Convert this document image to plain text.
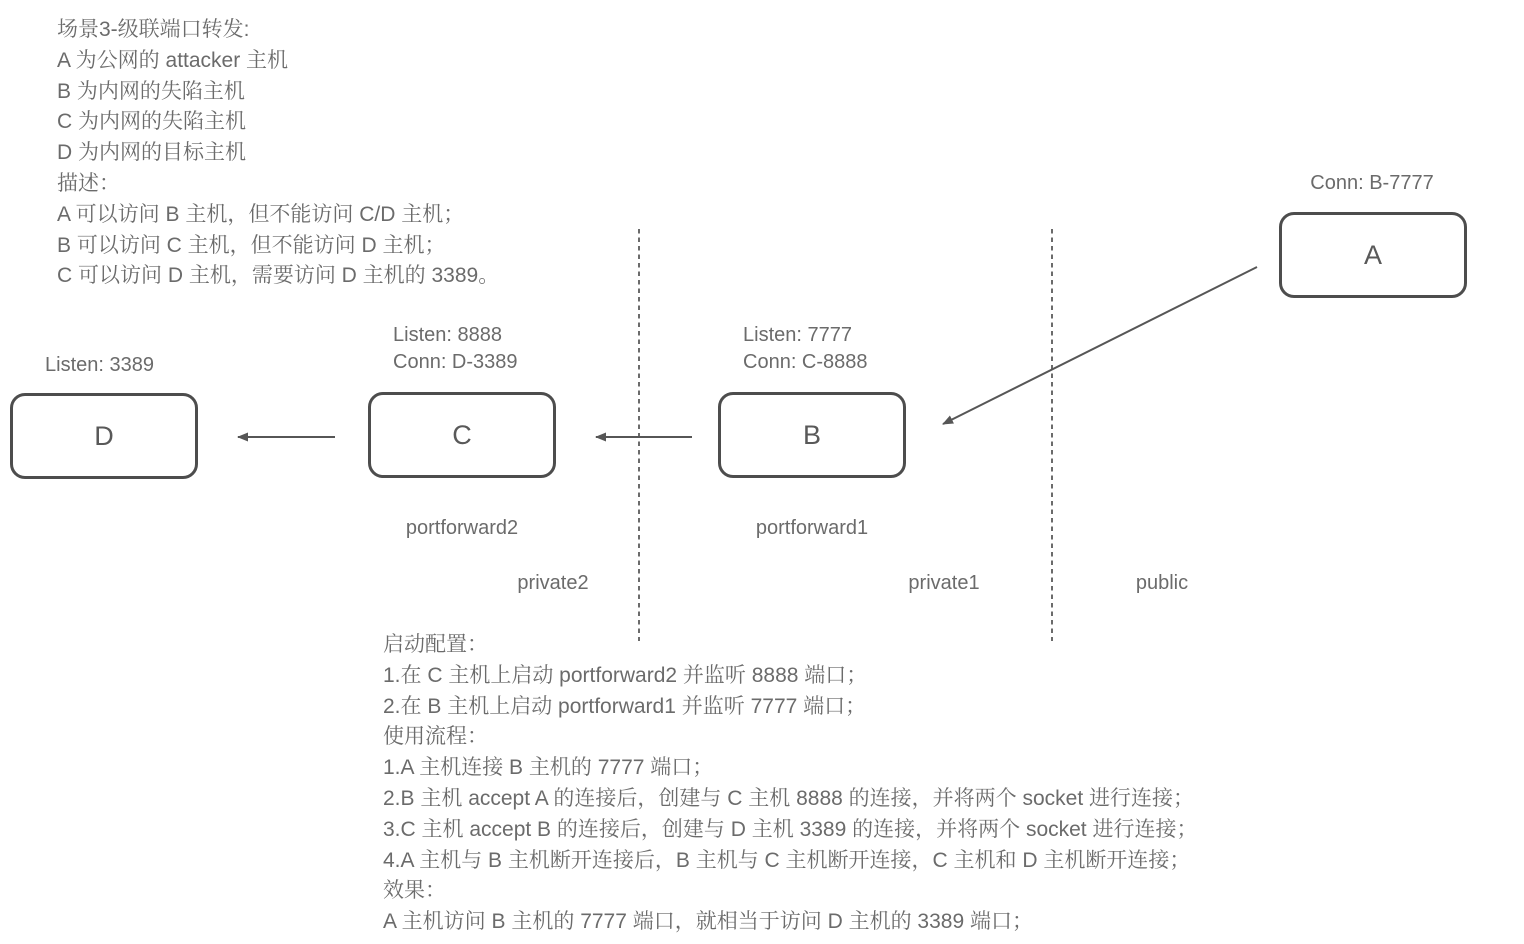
场景3-级联端口转发:
A 为公网的 attacker 主机
B 为内网的失陷主机
C 为内网的失陷主机
D 为内网的目标主机
描述：
A 可以访问 B 主机，但不能访问 C/D 主机；
B 可以访问 C 主机，但不能访问 D 主机；
C 可以访问 D 主机，需要访问 D 主机的 3389。
Conn: B-7777
A
Listen: 7777
Conn: C-8888
B
portforward1
Listen: 8888
Conn: D-3389
C
portforward2
Listen: 3389
D
private2	private1	public
启动配置：
1.在 C 主机上启动 portforward2 并监听 8888 端口；
2.在 B 主机上启动 portforward1 并监听 7777 端口；
使用流程：
1.A 主机连接 B 主机的 7777 端口；
2.B 主机 accept A 的连接后，创建与 C 主机 8888 的连接，并将两个 socket 进行连接；
3.C 主机 accept B 的连接后，创建与 D 主机 3389 的连接，并将两个 socket 进行连接；
4.A 主机与 B 主机断开连接后，B 主机与 C 主机断开连接，C 主机和 D 主机断开连接；
效果：
A 主机访问 B 主机的 7777 端口，就相当于访问 D 主机的 3389 端口；
